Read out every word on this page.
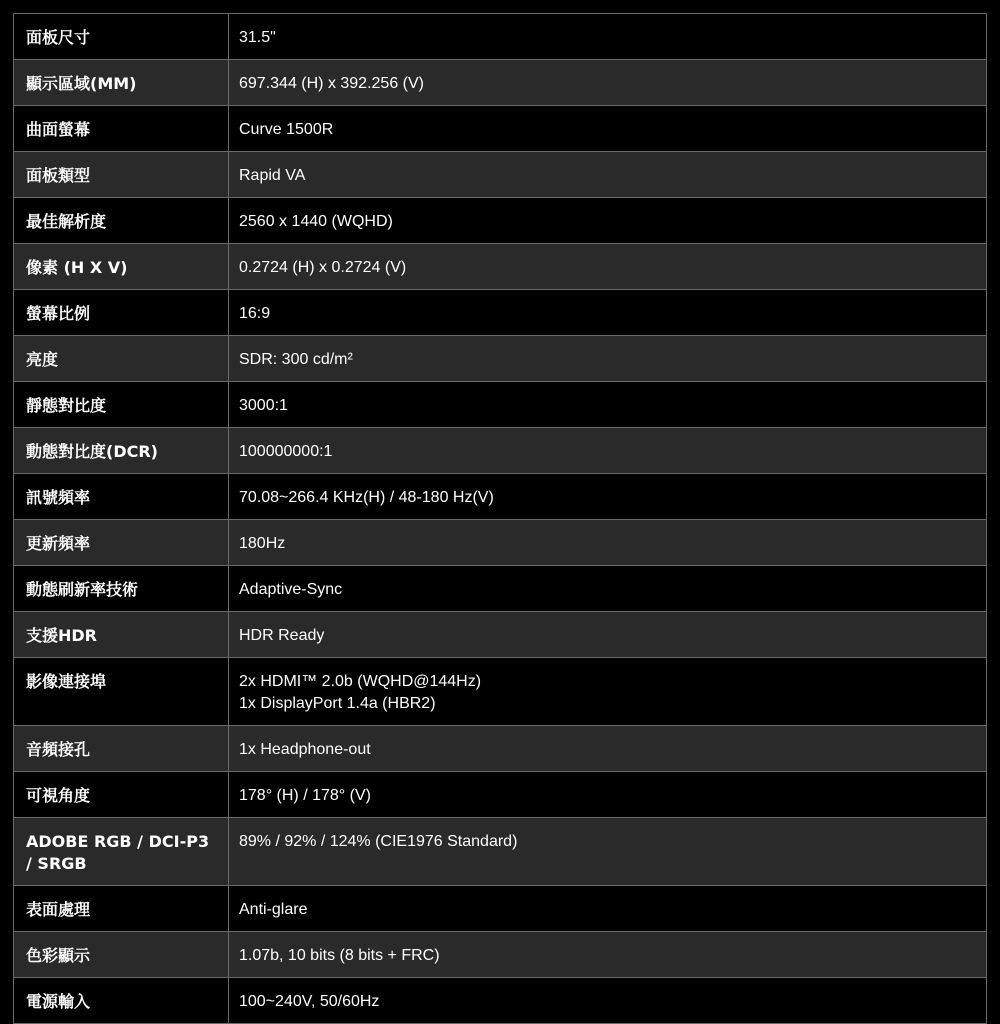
面板尺寸	31.5"

顯示區域(MM)	697.344 (H) x 392.256 (V)

曲面螢幕	Curve 1500R

面板類型	Rapid VA

最佳解析度	2560 x 1440 (WQHD)

像素 (H X V)	0.2724 (H) x 0.2724 (V)

螢幕比例	16:9

亮度	SDR: 300 cd/m²

靜態對比度	3000:1

動態對比度(DCR)	100000000:1

訊號頻率	70.08~266.4 KHz(H) / 48-180 Hz(V)

更新頻率	180Hz

動態刷新率技術	Adaptive-Sync

支援HDR	HDR Ready

影像連接埠	2x HDMI™ 2.0b (WQHD@144Hz)
1x DisplayPort 1.4a (HBR2)

音頻接孔	1x Headphone-out

可視角度	178° (H) / 178° (V)

ADOBE RGB / DCI-P3 / SRGB	89% / 92% / 124% (CIE1976 Standard)

表面處理	Anti-glare

色彩顯示	1.07b, 10 bits (8 bits + FRC)

電源輸入	100~240V, 50/60Hz
